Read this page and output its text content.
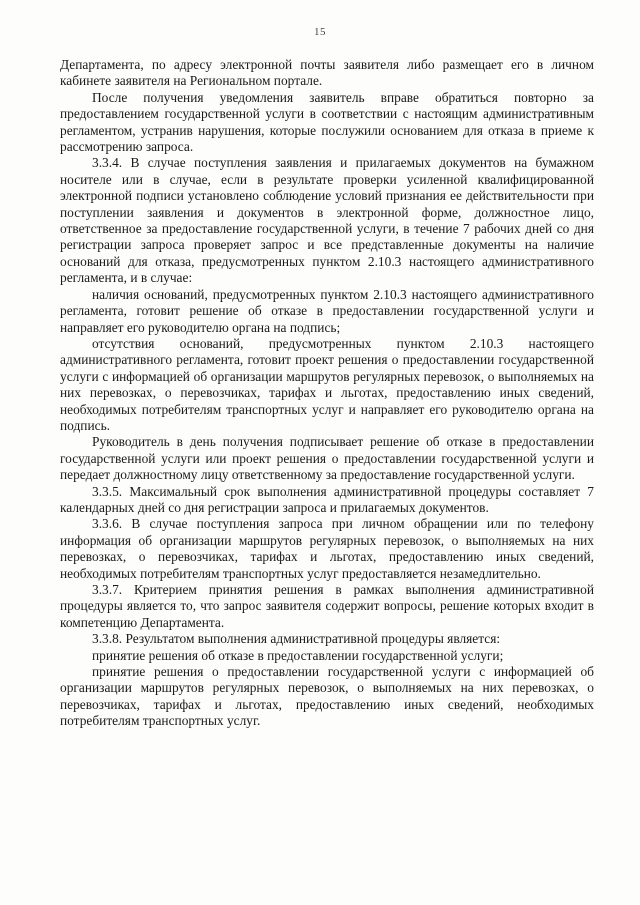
15

Департамента, по адресу электронной почты заявителя либо размещает его в личном кабинете заявителя на Региональном портале.

После получения уведомления заявитель вправе обратиться повторно за предоставлением государственной услуги в соответствии с настоящим административным регламентом, устранив нарушения, которые послужили основанием для отказа в приеме к рассмотрению запроса.

3.3.4. В случае поступления заявления и прилагаемых документов на бумажном носителе или в случае, если в результате проверки усиленной квалифицированной электронной подписи установлено соблюдение условий признания ее действительности при поступлении заявления и документов в электронной форме, должностное лицо, ответственное за предоставление государственной услуги, в течение 7 рабочих дней со дня регистрации запроса проверяет запрос и все представленные документы на наличие оснований для отказа, предусмотренных пунктом 2.10.3 настоящего административного регламента, и в случае:

наличия оснований, предусмотренных пунктом 2.10.3 настоящего административного регламента, готовит решение об отказе в предоставлении государственной услуги и направляет его руководителю органа на подпись;

отсутствия оснований, предусмотренных пунктом 2.10.3 настоящего административного регламента, готовит проект решения о предоставлении государственной услуги с информацией об организации маршрутов регулярных перевозок, о выполняемых на них перевозках, о перевозчиках, тарифах и льготах, предоставлению иных сведений, необходимых потребителям транспортных услуг и направляет его руководителю органа на подпись.

Руководитель в день получения подписывает решение об отказе в предоставлении государственной услуги или проект решения о предоставлении государственной услуги и передает должностному лицу ответственному за предоставление государственной услуги.

3.3.5. Максимальный срок выполнения административной процедуры составляет 7 календарных дней со дня регистрации запроса и прилагаемых документов.

3.3.6. В случае поступления запроса при личном обращении или по телефону информация об организации маршрутов регулярных перевозок, о выполняемых на них перевозках, о перевозчиках, тарифах и льготах, предоставлению иных сведений, необходимых потребителям транспортных услуг предоставляется незамедлительно.

3.3.7. Критерием принятия решения в рамках выполнения административной процедуры является то, что запрос заявителя содержит вопросы, решение которых входит в компетенцию Департамента.

3.3.8. Результатом выполнения административной процедуры является:

принятие решения об отказе в предоставлении государственной услуги;

принятие решения о предоставлении государственной услуги с информацией об организации маршрутов регулярных перевозок, о выполняемых на них перевозках, о перевозчиках, тарифах и льготах, предоставлению иных сведений, необходимых потребителям транспортных услуг.
